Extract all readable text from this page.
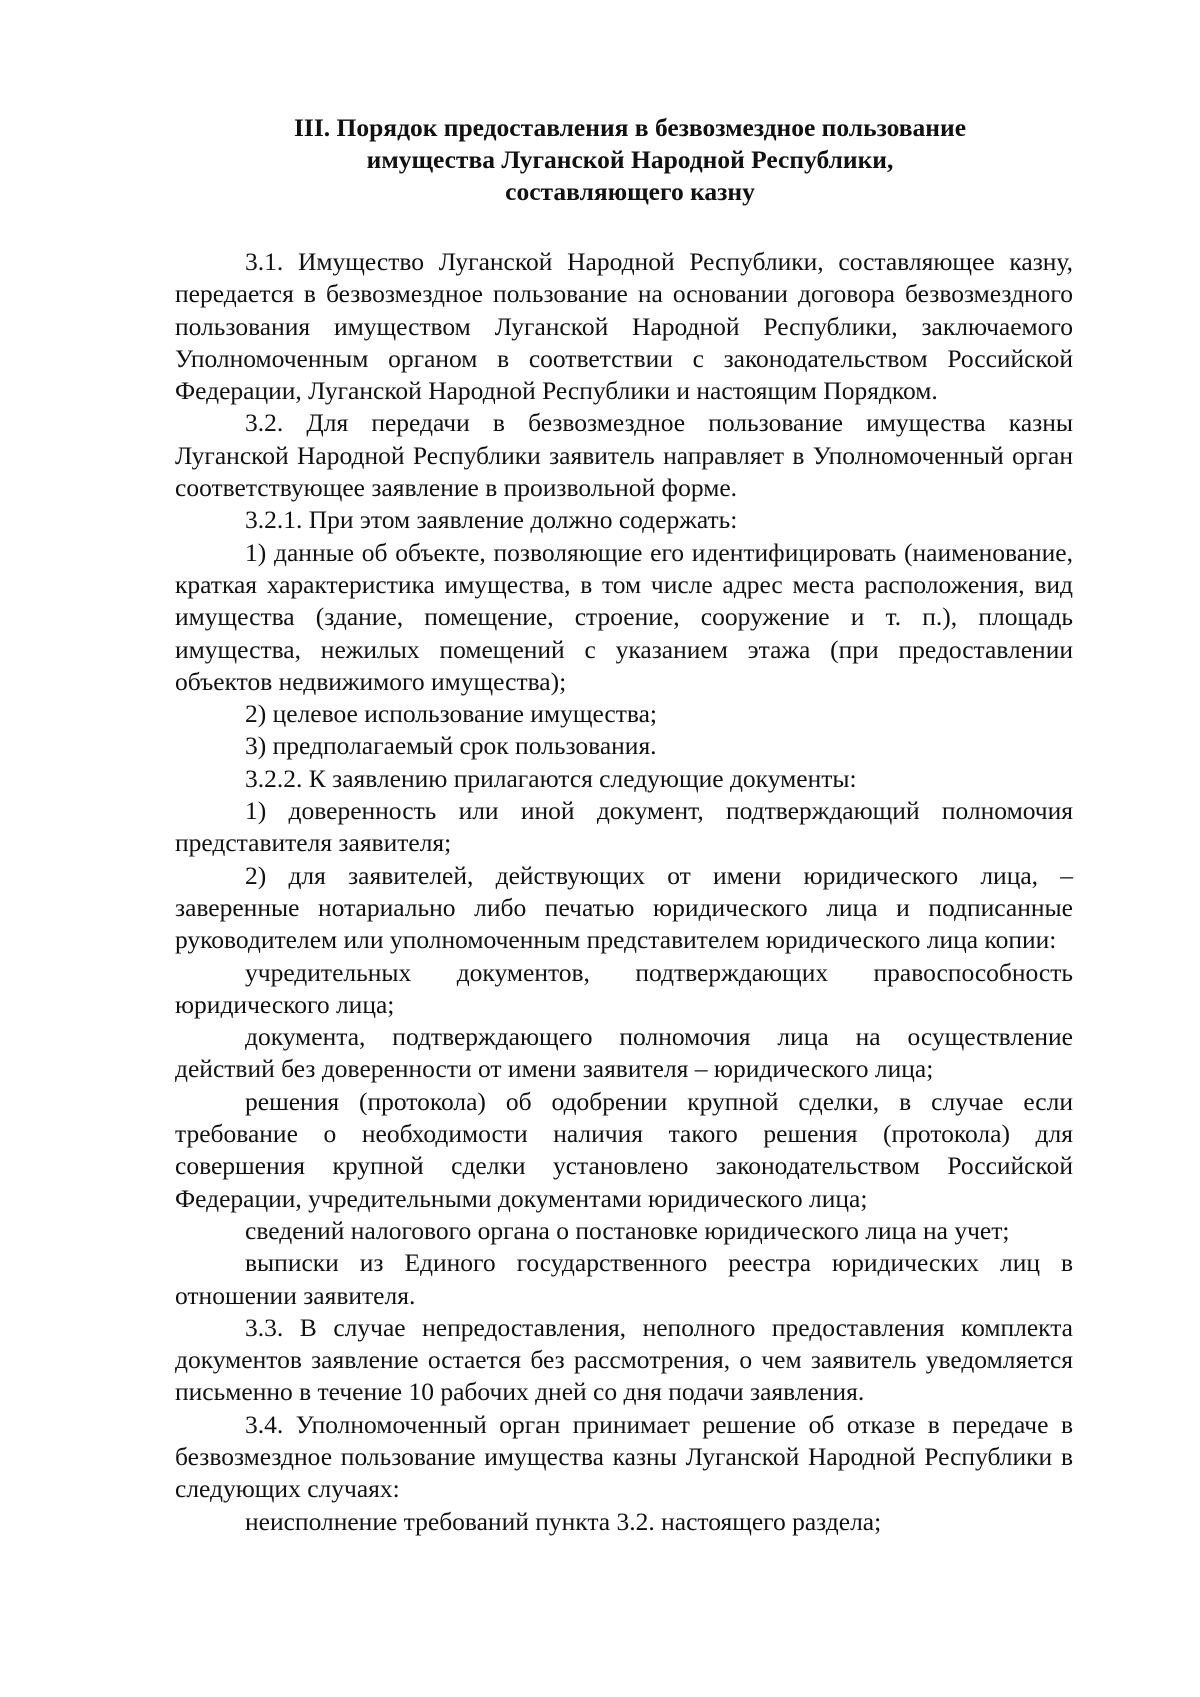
III. Порядок предоставления в безвозмездное пользование
имущества Луганской Народной Республики,
составляющего казну

3.1. Имущество Луганской Народной Республики, составляющее казну, передается в безвозмездное пользование на основании договора безвозмездного пользования имуществом Луганской Народной Республики, заключаемого Уполномоченным органом в соответствии с законодательством Российской Федерации, Луганской Народной Республики и настоящим Порядком.

3.2. Для передачи в безвозмездное пользование имущества казны Луганской Народной Республики заявитель направляет в Уполномоченный орган соответствующее заявление в произвольной форме.

3.2.1. При этом заявление должно содержать:

1) данные об объекте, позволяющие его идентифицировать (наименование, краткая характеристика имущества, в том числе адрес места расположения, вид имущества (здание, помещение, строение, сооружение и т. п.), площадь имущества, нежилых помещений с указанием этажа (при предоставлении объектов недвижимого имущества);

2) целевое использование имущества;

3) предполагаемый срок пользования.

3.2.2. К заявлению прилагаются следующие документы:

1) доверенность или иной документ, подтверждающий полномочия представителя заявителя;

2) для заявителей, действующих от имени юридического лица, – заверенные нотариально либо печатью юридического лица и подписанные руководителем или уполномоченным представителем юридического лица копии:

учредительных документов, подтверждающих правоспособность юридического лица;

документа, подтверждающего полномочия лица на осуществление действий без доверенности от имени заявителя – юридического лица;

решения (протокола) об одобрении крупной сделки, в случае если требование о необходимости наличия такого решения (протокола) для совершения крупной сделки установлено законодательством Российской Федерации, учредительными документами юридического лица;

сведений налогового органа о постановке юридического лица на учет;

выписки из Единого государственного реестра юридических лиц в отношении заявителя.

3.3. В случае непредоставления, неполного предоставления комплекта документов заявление остается без рассмотрения, о чем заявитель уведомляется письменно в течение 10 рабочих дней со дня подачи заявления.

3.4. Уполномоченный орган принимает решение об отказе в передаче в безвозмездное пользование имущества казны Луганской Народной Республики в следующих случаях:

неисполнение требований пункта 3.2. настоящего раздела;
